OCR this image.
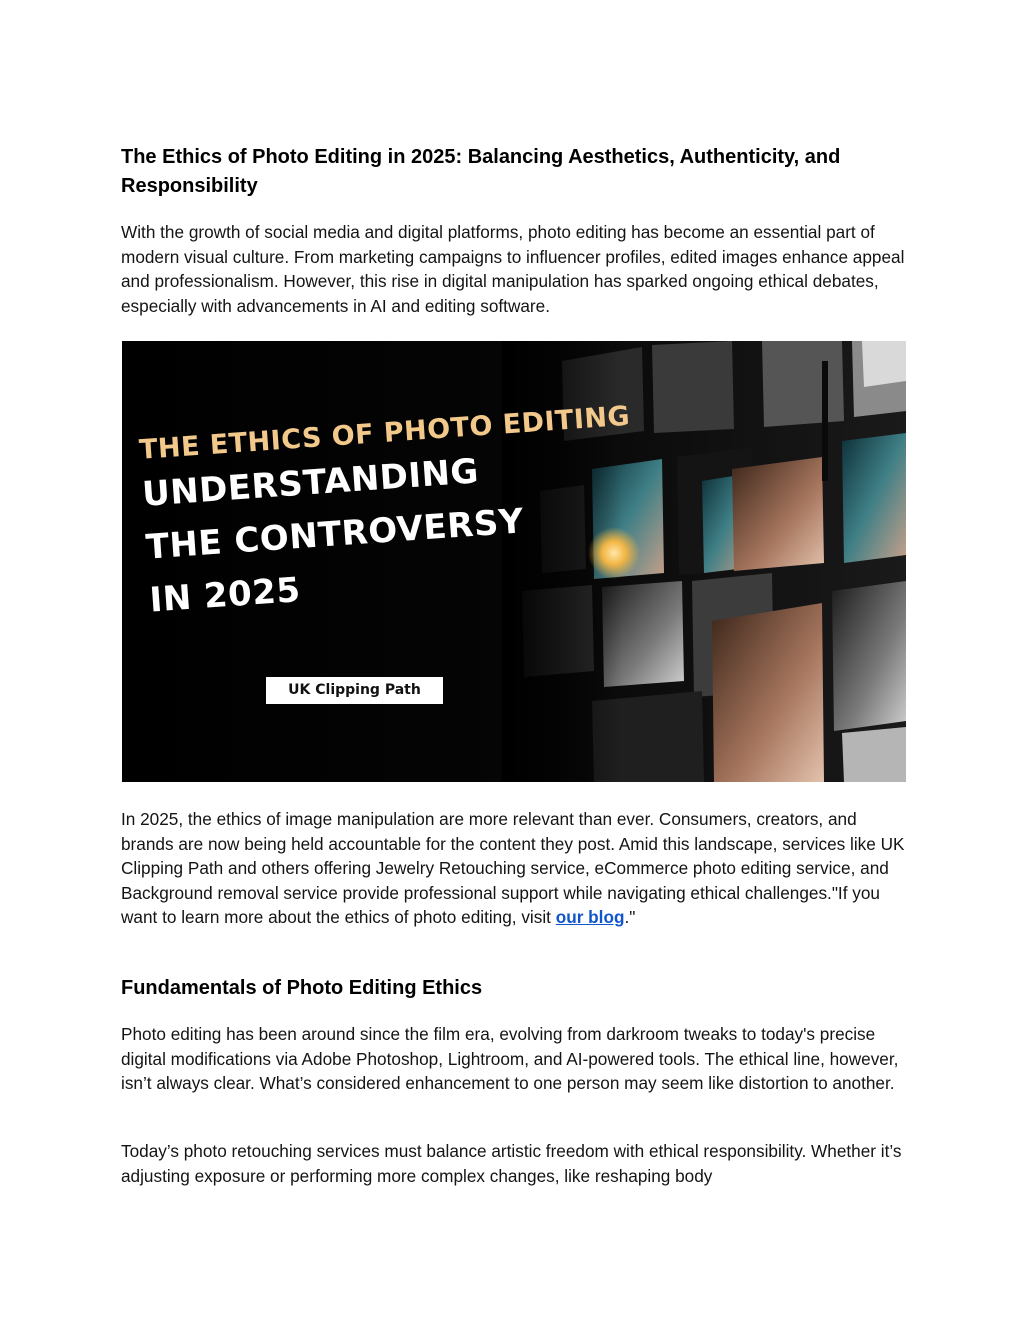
The Ethics of Photo Editing in 2025: Balancing Aesthetics, Authenticity, and Responsibility

With the growth of social media and digital platforms, photo editing has become an essential part of modern visual culture. From marketing campaigns to influencer profiles, edited images enhance appeal and professionalism. However, this rise in digital manipulation has sparked ongoing ethical debates, especially with advancements in AI and editing software.

In 2025, the ethics of image manipulation are more relevant than ever. Consumers, creators, and brands are now being held accountable for the content they post. Amid this landscape, services like UK Clipping Path and others offering Jewelry Retouching service, eCommerce photo editing service, and Background removal service provide professional support while navigating ethical challenges."If you want to learn more about the ethics of photo editing, visit our blog."

Fundamentals of Photo Editing Ethics

Photo editing has been around since the film era, evolving from darkroom tweaks to today's precise digital modifications via Adobe Photoshop, Lightroom, and AI-powered tools. The ethical line, however, isn’t always clear. What’s considered enhancement to one person may seem like distortion to another.

Today’s photo retouching services must balance artistic freedom with ethical responsibility. Whether it’s adjusting exposure or performing more complex changes, like reshaping body

THE ETHICS OF PHOTO EDITING
UNDERSTANDING
THE CONTROVERSY
IN 2025
UK Clipping Path
